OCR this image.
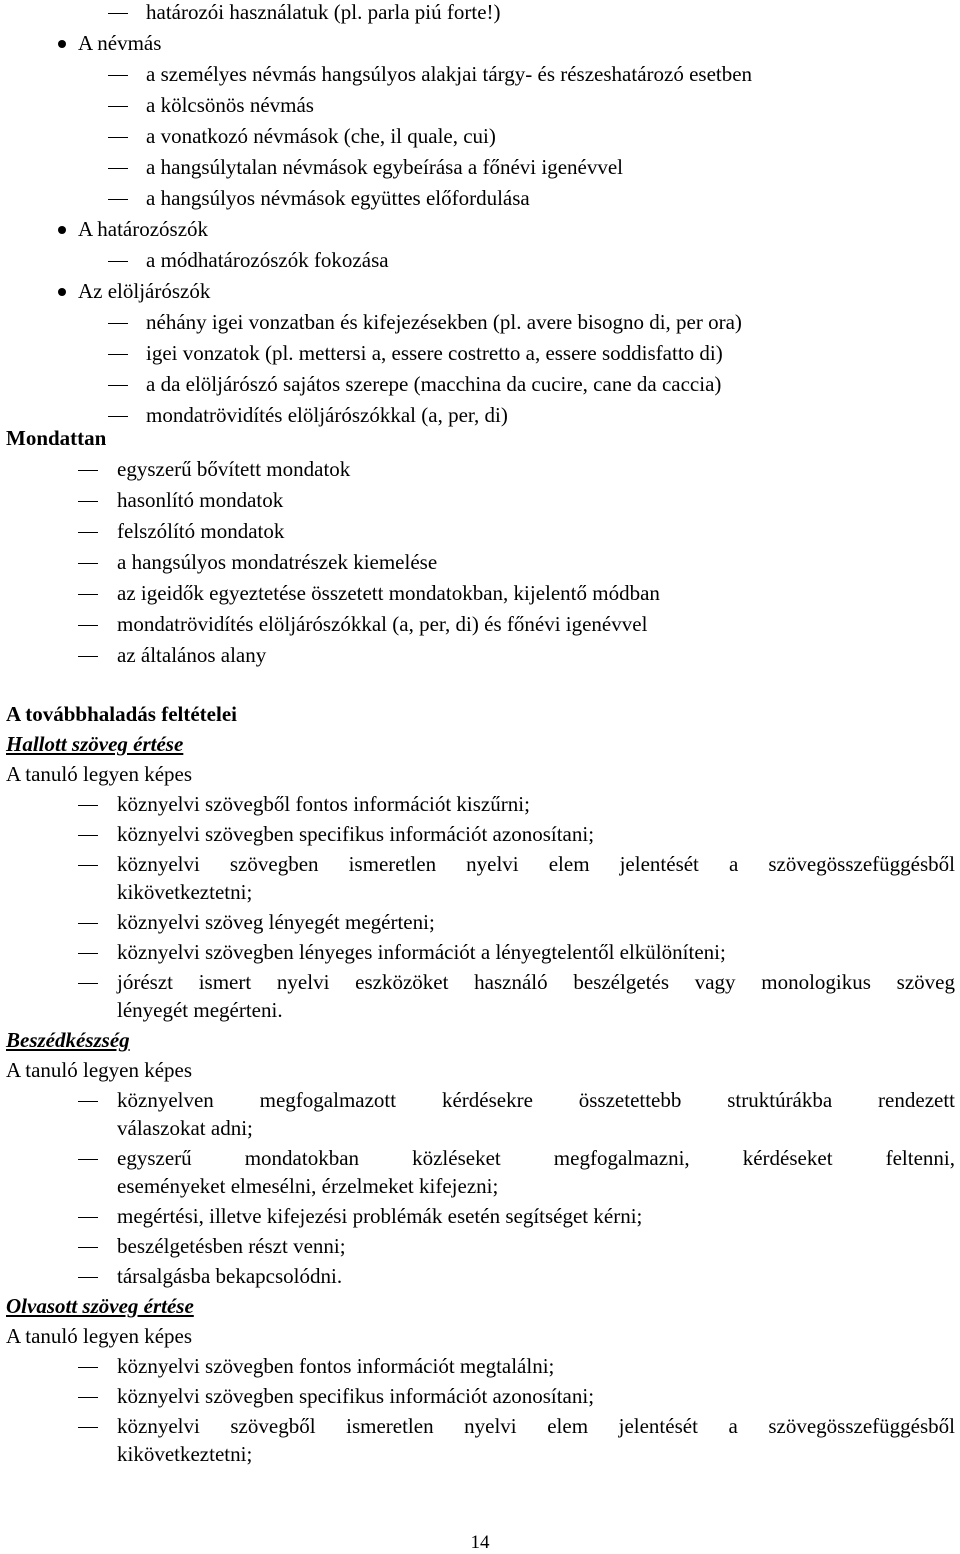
határozói használatuk (pl. parla piú forte!)
A névmás
a személyes névmás hangsúlyos alakjai tárgy- és részeshatározó esetben
a kölcsönös névmás
a vonatkozó névmások (che, il quale, cui)
a hangsúlytalan névmások egybeírása a főnévi igenévvel
a hangsúlyos névmások együttes előfordulása
A határozószók
a módhatározószók fokozása
Az elöljárószók
néhány igei vonzatban és kifejezésekben (pl. avere bisogno di, per ora)
igei vonzatok (pl. mettersi a, essere costretto a, essere soddisfatto di)
a da elöljárószó sajátos szerepe (macchina da cucire, cane da caccia)
mondatrövidítés elöljárószókkal (a, per, di)
Mondattan
egyszerű bővített mondatok
hasonlító mondatok
felszólító mondatok
a hangsúlyos mondatrészek kiemelése
az igeidők egyeztetése összetett mondatokban, kijelentő módban
mondatrövidítés elöljárószókkal (a, per, di) és főnévi igenévvel
az általános alany
A továbbhaladás feltételei
Hallott szöveg értése
A tanuló legyen képes
köznyelvi szövegből fontos információt kiszűrni;
köznyelvi szövegben specifikus információt azonosítani;
köznyelvi szövegben ismeretlen nyelvi elem jelentését a szövegösszefüggésből
kikövetkeztetni;
köznyelvi szöveg lényegét megérteni;
köznyelvi szövegben lényeges információt a lényegtelentől elkülöníteni;
jórészt ismert nyelvi eszközöket használó beszélgetés vagy monologikus szöveg
lényegét megérteni.
Beszédkészség
A tanuló legyen képes
köznyelven megfogalmazott kérdésekre összetettebb struktúrákba rendezett
válaszokat adni;
egyszerű mondatokban közléseket megfogalmazni, kérdéseket feltenni,
eseményeket elmesélni, érzelmeket kifejezni;
megértési, illetve kifejezési problémák esetén segítséget kérni;
beszélgetésben részt venni;
társalgásba bekapcsolódni.
Olvasott szöveg értése
A tanuló legyen képes
köznyelvi szövegben fontos információt megtalálni;
köznyelvi szövegben specifikus információt azonosítani;
köznyelvi szövegből ismeretlen nyelvi elem jelentését a szövegösszefüggésből
kikövetkeztetni;
14
